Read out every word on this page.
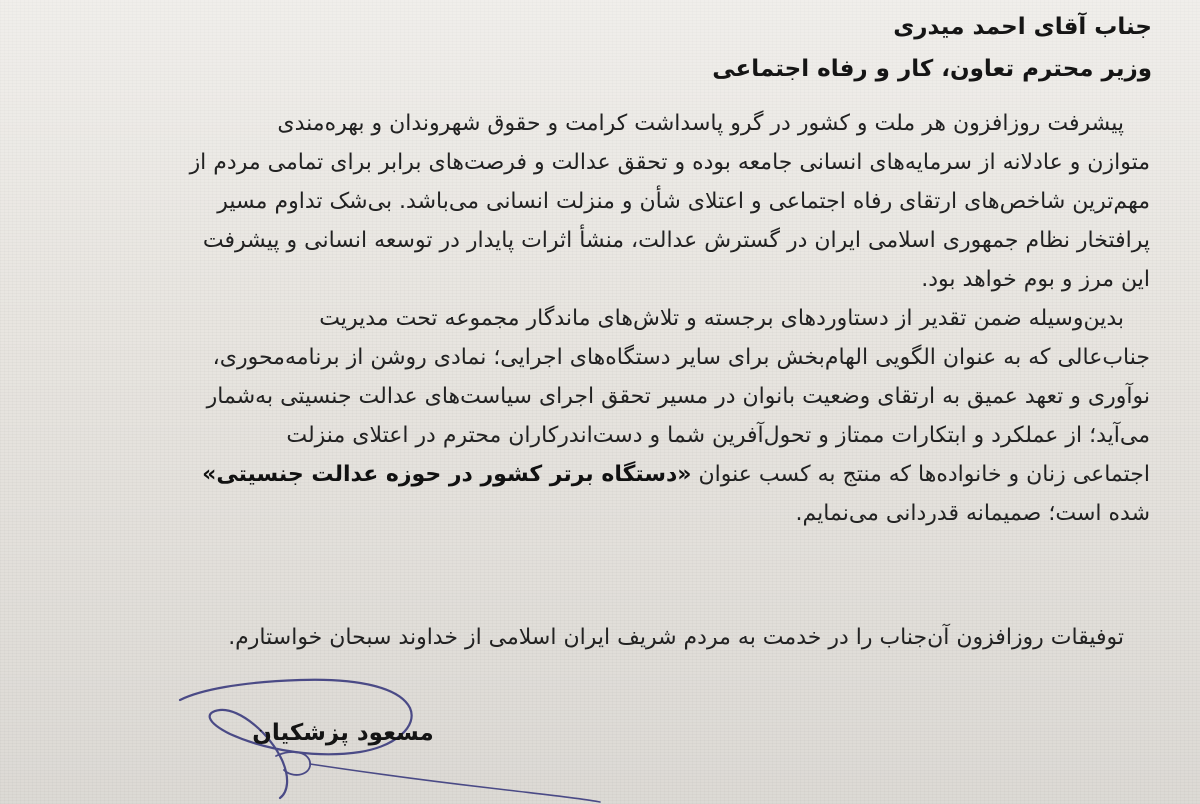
جناب آقای احمد میدری
وزیر محترم تعاون، کار و رفاه اجتماعی
پیشرفت روزافزون هر ملت و کشور در گرو پاسداشت کرامت و حقوق شهروندان و بهره‌مندی
متوازن و عادلانه از سرمایه‌های انسانی جامعه بوده و تحقق عدالت و فرصت‌های برابر برای تمامی مردم از
مهم‌ترین شاخص‌های ارتقای رفاه اجتماعی و اعتلای شأن و منزلت انسانی می‌باشد. بی‌شک تداوم مسیر
پرافتخار نظام جمهوری اسلامی ایران در گسترش عدالت، منشأ اثرات پایدار در توسعه انسانی و پیشرفت
این مرز و بوم خواهد بود.
بدین‌وسیله ضمن تقدیر از دستاوردهای برجسته و تلاش‌های ماندگار مجموعه تحت مدیریت
جناب‌عالی که به عنوان الگویی الهام‌بخش برای سایر دستگاه‌های اجرایی؛ نمادی روشن از برنامه‌محوری،
نوآوری و تعهد عمیق به ارتقای وضعیت بانوان در مسیر تحقق اجرای سیاست‌های عدالت جنسیتی به‌شمار
می‌آید؛ از عملکرد و ابتکارات ممتاز و تحول‌آفرین شما و دست‌اندرکاران محترم در اعتلای منزلت
اجتماعی زنان و خانواده‌ها که منتج به کسب عنوان «دستگاه برتر کشور در حوزه عدالت جنسیتی»
شده است؛ صمیمانه قدردانی می‌نمایم.
توفیقات روزافزون آن‌جناب را در خدمت به مردم شریف ایران اسلامی از خداوند سبحان خواستارم.
مسعود پزشکیان
